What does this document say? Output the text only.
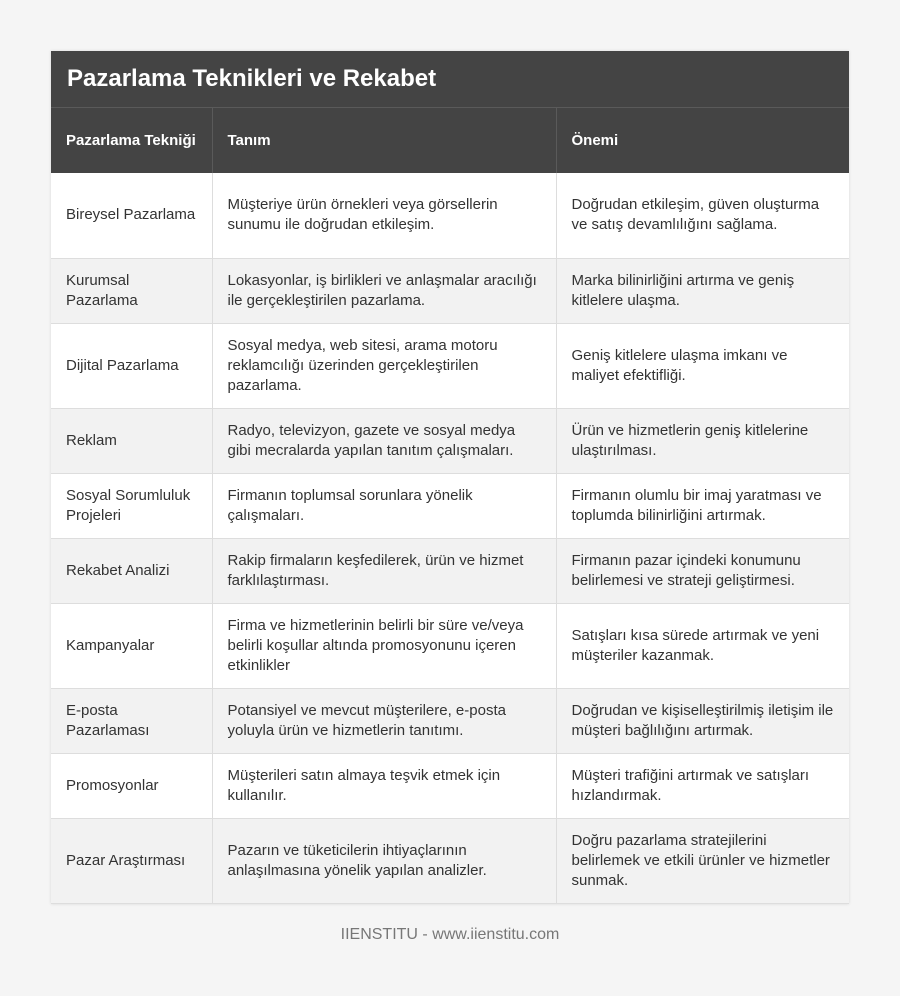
Pazarlama Teknikleri ve Rekabet
Pazarlama Tekniği	Tanım	Önemi
Bireysel Pazarlama	Müşteriye ürün örnekleri veya görsellerin sunumu ile doğrudan etkileşim.	Doğrudan etkileşim, güven oluşturma ve satış devamlılığını sağlama.
Kurumsal Pazarlama	Lokasyonlar, iş birlikleri ve anlaşmalar aracılığı ile gerçekleştirilen pazarlama.	Marka bilinirliğini artırma ve geniş kitlelere ulaşma.
Dijital Pazarlama	Sosyal medya, web sitesi, arama motoru reklamcılığı üzerinden gerçekleştirilen pazarlama.	Geniş kitlelere ulaşma imkanı ve maliyet efektifliği.
Reklam	Radyo, televizyon, gazete ve sosyal medya gibi mecralarda yapılan tanıtım çalışmaları.	Ürün ve hizmetlerin geniş kitlelerine ulaştırılması.
Sosyal Sorumluluk Projeleri	Firmanın toplumsal sorunlara yönelik çalışmaları.	Firmanın olumlu bir imaj yaratması ve toplumda bilinirliğini artırmak.
Rekabet Analizi	Rakip firmaların keşfedilerek, ürün ve hizmet farklılaştırması.	Firmanın pazar içindeki konumunu belirlemesi ve strateji geliştirmesi.
Kampanyalar	Firma ve hizmetlerinin belirli bir süre ve/veya belirli koşullar altında promosyonunu içeren etkinlikler	Satışları kısa sürede artırmak ve yeni müşteriler kazanmak.
E-posta Pazarlaması	Potansiyel ve mevcut müşterilere, e-posta yoluyla ürün ve hizmetlerin tanıtımı.	Doğrudan ve kişiselleştirilmiş iletişim ile müşteri bağlılığını artırmak.
Promosyonlar	Müşterileri satın almaya teşvik etmek için kullanılır.	Müşteri trafiğini artırmak ve satışları hızlandırmak.
Pazar Araştırması	Pazarın ve tüketicilerin ihtiyaçlarının anlaşılmasına yönelik yapılan analizler.	Doğru pazarlama stratejilerini belirlemek ve etkili ürünler ve hizmetler sunmak.
IIENSTITU - www.iienstitu.com
